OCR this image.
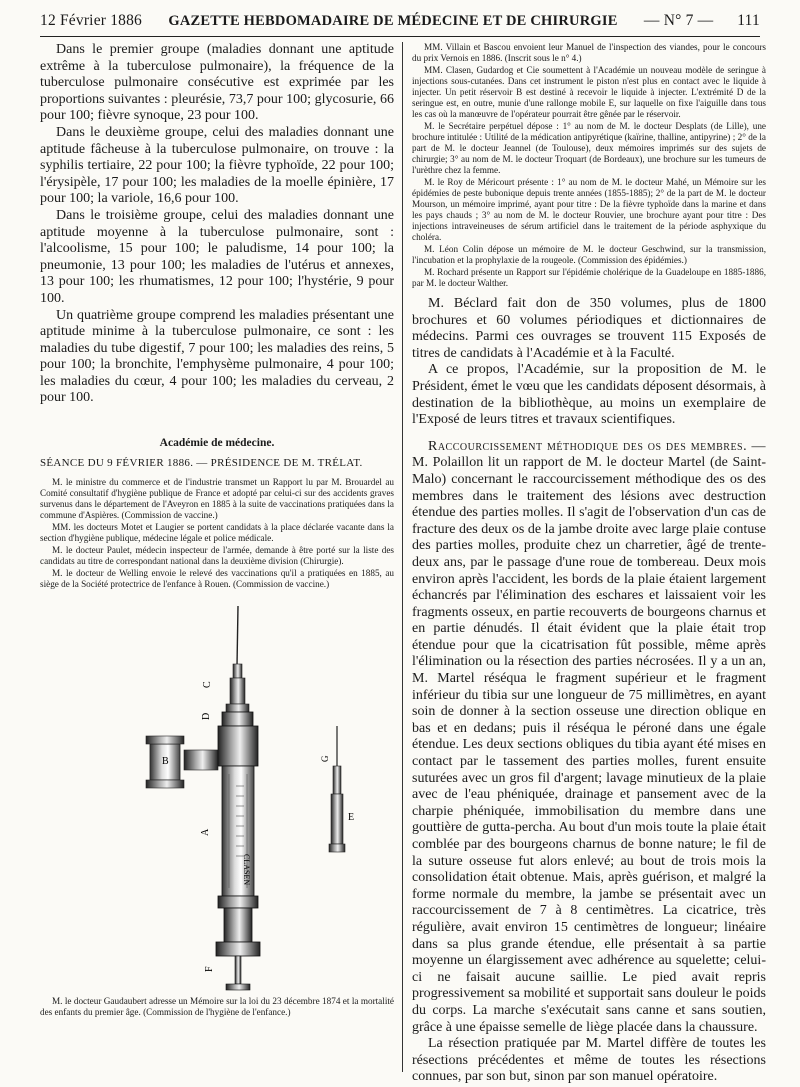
12 Février 1886 GAZETTE HEBDOMADAIRE DE MÉDECINE ET DE CHIRURGIE — N° 7 — 111

Dans le premier groupe (maladies donnant une aptitude extrême à la tuberculose pulmonaire), la fréquence de la tuberculose pulmonaire consécutive est exprimée par les proportions suivantes : pleurésie, 73,7 pour 100; glycosurie, 66 pour 100; fièvre synoque, 23 pour 100.

Dans le deuxième groupe, celui des maladies donnant une aptitude fâcheuse à la tuberculose pulmonaire, on trouve : la syphilis tertiaire, 22 pour 100; la fièvre typhoïde, 22 pour 100; l'érysipèle, 17 pour 100; les maladies de la moelle épinière, 17 pour 100; la variole, 16,6 pour 100.

Dans le troisième groupe, celui des maladies donnant une aptitude moyenne à la tuberculose pulmonaire, sont : l'alcoolisme, 15 pour 100; le paludisme, 14 pour 100; la pneumonie, 13 pour 100; les maladies de l'utérus et annexes, 13 pour 100; les rhumatismes, 12 pour 100; l'hystérie, 9 pour 100.

Un quatrième groupe comprend les maladies présentant une aptitude minime à la tuberculose pulmonaire, ce sont : les maladies du tube digestif, 7 pour 100; les maladies des reins, 5 pour 100; la bronchite, l'emphysème pulmonaire, 4 pour 100; les maladies du cœur, 4 pour 100; les maladies du cerveau, 2 pour 100.

Académie de médecine.
SÉANCE DU 9 FÉVRIER 1886. — PRÉSIDENCE DE M. TRÉLAT.

M. le ministre du commerce et de l'industrie transmet un Rapport lu par M. Brouardel au Comité consultatif d'hygiène publique de France et adopté par celui-ci sur des accidents graves survenus dans le département de l'Aveyron en 1885 à la suite de vaccinations pratiquées dans la commune d'Aspières. (Commission de vaccine.)

MM. les docteurs Motet et Laugier se portent candidats à la place déclarée vacante dans la section d'hygiène publique, médecine légale et police médicale.

M. le docteur Paulet, médecin inspecteur de l'armée, demande à être porté sur la liste des candidats au titre de correspondant national dans la deuxième division (Chirurgie).

M. le docteur de Welling envoie le relevé des vaccinations qu'il a pratiquées en 1885, au siège de la Société protectrice de l'enfance à Rouen. (Commission de vaccine.)

C
D
B
A
F
G
E
CLASEN

M. le docteur Gaudaubert adresse un Mémoire sur la loi du 23 décembre 1874 et la mortalité des enfants du premier âge. (Commission de l'hygiène de l'enfance.)

MM. Villain et Bascou envoient leur Manuel de l'inspection des viandes, pour le concours du prix Vernois en 1886. (Inscrit sous le n° 4.)

MM. Clasen, Gudardog et Cie soumettent à l'Académie un nouveau modèle de seringue à injections sous-cutanées. Dans cet instrument le piston n'est plus en contact avec le liquide à injecter. Un petit réservoir B est destiné à recevoir le liquide à injecter. L'extrémité D de la seringue est, en outre, munie d'une rallonge mobile E, sur laquelle on fixe l'aiguille dans tous les cas où la manœuvre de l'opérateur pourrait être gênée par le réservoir.

M. le Secrétaire perpétuel dépose : 1° au nom de M. le docteur Desplats (de Lille), une brochure intitulée : Utilité de la médication antipyrétique (kaïrine, thalline, antipyrine) ; 2° de la part de M. le docteur Jeannel (de Toulouse), deux mémoires imprimés sur des sujets de chirurgie; 3° au nom de M. le docteur Troquart (de Bordeaux), une brochure sur les tumeurs de l'urèthre chez la femme.

M. le Roy de Méricourt présente : 1° au nom de M. le docteur Mahé, un Mémoire sur les épidémies de peste bubonique depuis trente années (1855-1885); 2° de la part de M. le docteur Mourson, un mémoire imprimé, ayant pour titre : De la fièvre typhoïde dans la marine et dans les pays chauds ; 3° au nom de M. le docteur Rouvier, une brochure ayant pour titre : Des injections intraveineuses de sérum artificiel dans le traitement de la période asphyxique du choléra.

M. Léon Colin dépose un mémoire de M. le docteur Geschwind, sur la transmission, l'incubation et la prophylaxie de la rougeole. (Commission des épidémies.)

M. Rochard présente un Rapport sur l'épidémie cholérique de la Guadeloupe en 1885-1886, par M. le docteur Walther.

M. Béclard fait don de 350 volumes, plus de 1800 brochures et 60 volumes périodiques et dictionnaires de médecins. Parmi ces ouvrages se trouvent 115 Exposés de titres de candidats à l'Académie et à la Faculté.

A ce propos, l'Académie, sur la proposition de M. le Président, émet le vœu que les candidats déposent désormais, à destination de la bibliothèque, au moins un exemplaire de l'Exposé de leurs titres et travaux scientifiques.

Raccourcissement méthodique des os des membres. — M. Polaillon lit un rapport de M. le docteur Martel (de Saint-Malo) concernant le raccourcissement méthodique des os des membres dans le traitement des lésions avec destruction étendue des parties molles. Il s'agit de l'observation d'un cas de fracture des deux os de la jambe droite avec large plaie contuse des parties molles, produite chez un charretier, âgé de trente-deux ans, par le passage d'une roue de tombereau. Deux mois environ après l'accident, les bords de la plaie étaient largement échancrés par l'élimination des eschares et laissaient voir les fragments osseux, en partie recouverts de bourgeons charnus et en partie dénudés. Il était évident que la plaie était trop étendue pour que la cicatrisation fût possible, même après l'élimination ou la résection des parties nécrosées. Il y a un an, M. Martel réséqua le fragment supérieur et le fragment inférieur du tibia sur une longueur de 75 millimètres, en ayant soin de donner à la section osseuse une direction oblique en bas et en dedans; puis il réséqua le péroné dans une égale étendue. Les deux sections obliques du tibia ayant été mises en contact par le tassement des parties molles, furent ensuite suturées avec un gros fil d'argent; lavage minutieux de la plaie avec de l'eau phéniquée, drainage et pansement avec de la charpie phéniquée, immobilisation du membre dans une gouttière de gutta-percha. Au bout d'un mois toute la plaie était comblée par des bourgeons charnus de bonne nature; le fil de la suture osseuse fut alors enlevé; au bout de trois mois la consolidation était obtenue. Mais, après guérison, et malgré la forme normale du membre, la jambe se présentait avec un raccourcissement de 7 à 8 centimètres. La cicatrice, très régulière, avait environ 15 centimètres de longueur; linéaire dans sa plus grande étendue, elle présentait à sa partie moyenne un élargissement avec adhérence au squelette; celui-ci ne faisait aucune saillie. Le pied avait repris progressivement sa mobilité et supportait sans douleur le poids du corps. La marche s'exécutait sans canne et sans soutien, grâce à une épaisse semelle de liège placée dans la chaussure.

La résection pratiquée par M. Martel diffère de toutes les résections précédentes et même de toutes les résections connues, par son but, sinon par son manuel opératoire.
